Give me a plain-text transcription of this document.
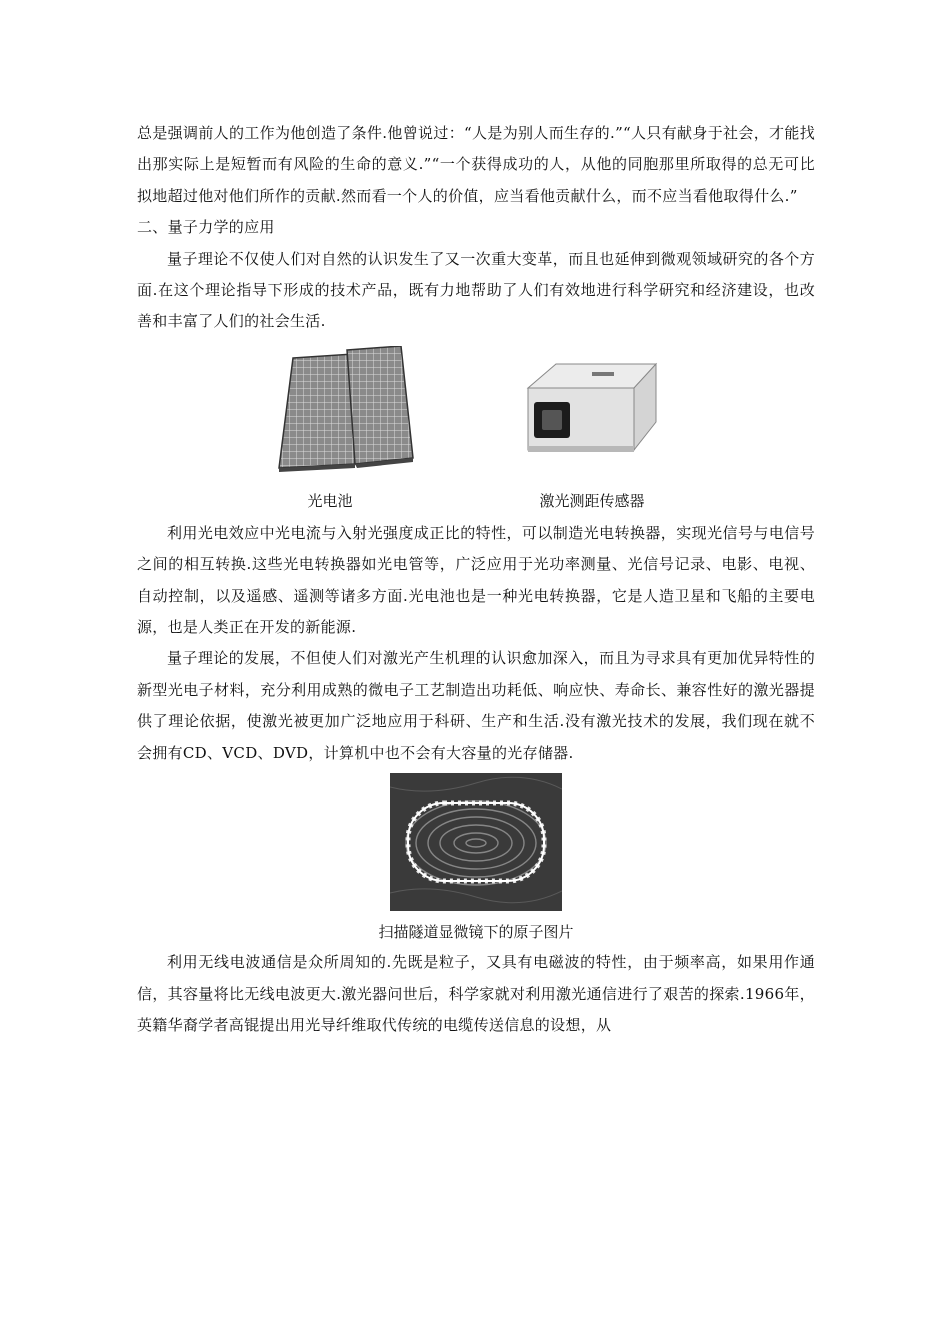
总是强调前人的工作为他创造了条件.他曾说过：“人是为别人而生存的.”“人只有献身于社会，才能找出那实际上是短暂而有风险的生命的意义.”“一个获得成功的人，从他的同胞那里所取得的总无可比拟地超过他对他们所作的贡献.然而看一个人的价值，应当看他贡献什么，而不应当看他取得什么.”

二、量子力学的应用

量子理论不仅使人们对自然的认识发生了又一次重大变革，而且也延伸到微观领域研究的各个方面.在这个理论指导下形成的技术产品，既有力地帮助了人们有效地进行科学研究和经济建设，也改善和丰富了人们的社会生活.

光电池	激光测距传感器

利用光电效应中光电流与入射光强度成正比的特性，可以制造光电转换器，实现光信号与电信号之间的相互转换.这些光电转换器如光电管等，广泛应用于光功率测量、光信号记录、电影、电视、自动控制，以及遥感、遥测等诸多方面.光电池也是一种光电转换器，它是人造卫星和飞船的主要电源，也是人类正在开发的新能源.

量子理论的发展，不但使人们对激光产生机理的认识愈加深入，而且为寻求具有更加优异特性的新型光电子材料，充分利用成熟的微电子工艺制造出功耗低、响应快、寿命长、兼容性好的激光器提供了理论依据，使激光被更加广泛地应用于科研、生产和生活.没有激光技术的发展，我们现在就不会拥有CD、VCD、DVD，计算机中也不会有大容量的光存储器.

扫描隧道显微镜下的原子图片

利用无线电波通信是众所周知的.先既是粒子，又具有电磁波的特性，由于频率高，如果用作通信，其容量将比无线电波更大.激光器问世后，科学家就对利用激光通信进行了艰苦的探索.1966年，英籍华裔学者高锟提出用光导纤维取代传统的电缆传送信息的设想，从
